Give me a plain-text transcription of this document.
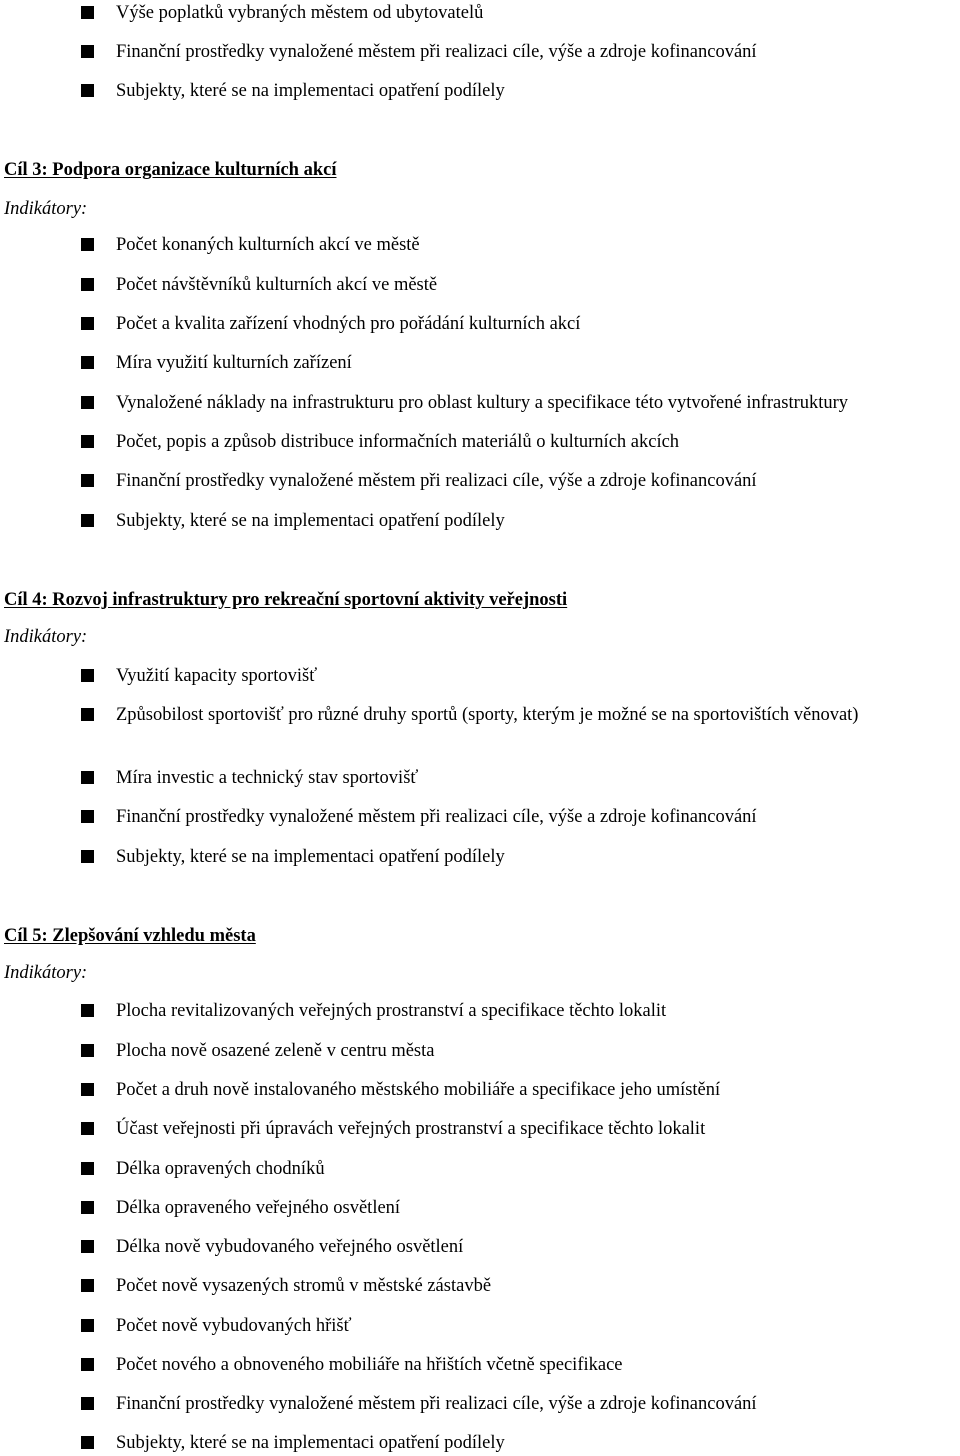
Výše poplatků vybraných městem od ubytovatelů
Finanční prostředky vynaložené městem při realizaci cíle, výše a zdroje kofinancování
Subjekty, které se na implementaci opatření podílely
Cíl 3: Podpora organizace kulturních akcí
Indikátory:
Počet konaných kulturních akcí ve městě
Počet návštěvníků kulturních akcí ve městě
Počet a kvalita zařízení vhodných pro pořádání kulturních akcí
Míra využití kulturních zařízení
Vynaložené náklady na infrastrukturu pro oblast kultury a specifikace této vytvořené infrastruktury
Počet, popis a způsob distribuce informačních materiálů o kulturních akcích
Finanční prostředky vynaložené městem při realizaci cíle, výše a zdroje kofinancování
Subjekty, které se na implementaci opatření podílely
Cíl 4: Rozvoj infrastruktury pro rekreační sportovní aktivity veřejnosti
Indikátory:
Využití kapacity sportovišť
Způsobilost sportovišť pro různé druhy sportů (sporty, kterým je možné se na sportovištích věnovat)
Míra investic a technický stav sportovišť
Finanční prostředky vynaložené městem při realizaci cíle, výše a zdroje kofinancování
Subjekty, které se na implementaci opatření podílely
Cíl 5: Zlepšování vzhledu města
Indikátory:
Plocha revitalizovaných veřejných prostranství a specifikace těchto lokalit
Plocha nově osazené zeleně v centru města
Počet a druh nově instalovaného městského mobiliáře a specifikace jeho umístění
Účast veřejnosti při úpravách veřejných prostranství a specifikace těchto lokalit
Délka opravených chodníků
Délka opraveného veřejného osvětlení
Délka nově vybudovaného veřejného osvětlení
Počet nově vysazených stromů v městské zástavbě
Počet nově vybudovaných hřišť
Počet nového a obnoveného mobiliáře na hřištích včetně specifikace
Finanční prostředky vynaložené městem při realizaci cíle, výše a zdroje kofinancování
Subjekty, které se na implementaci opatření podílely
